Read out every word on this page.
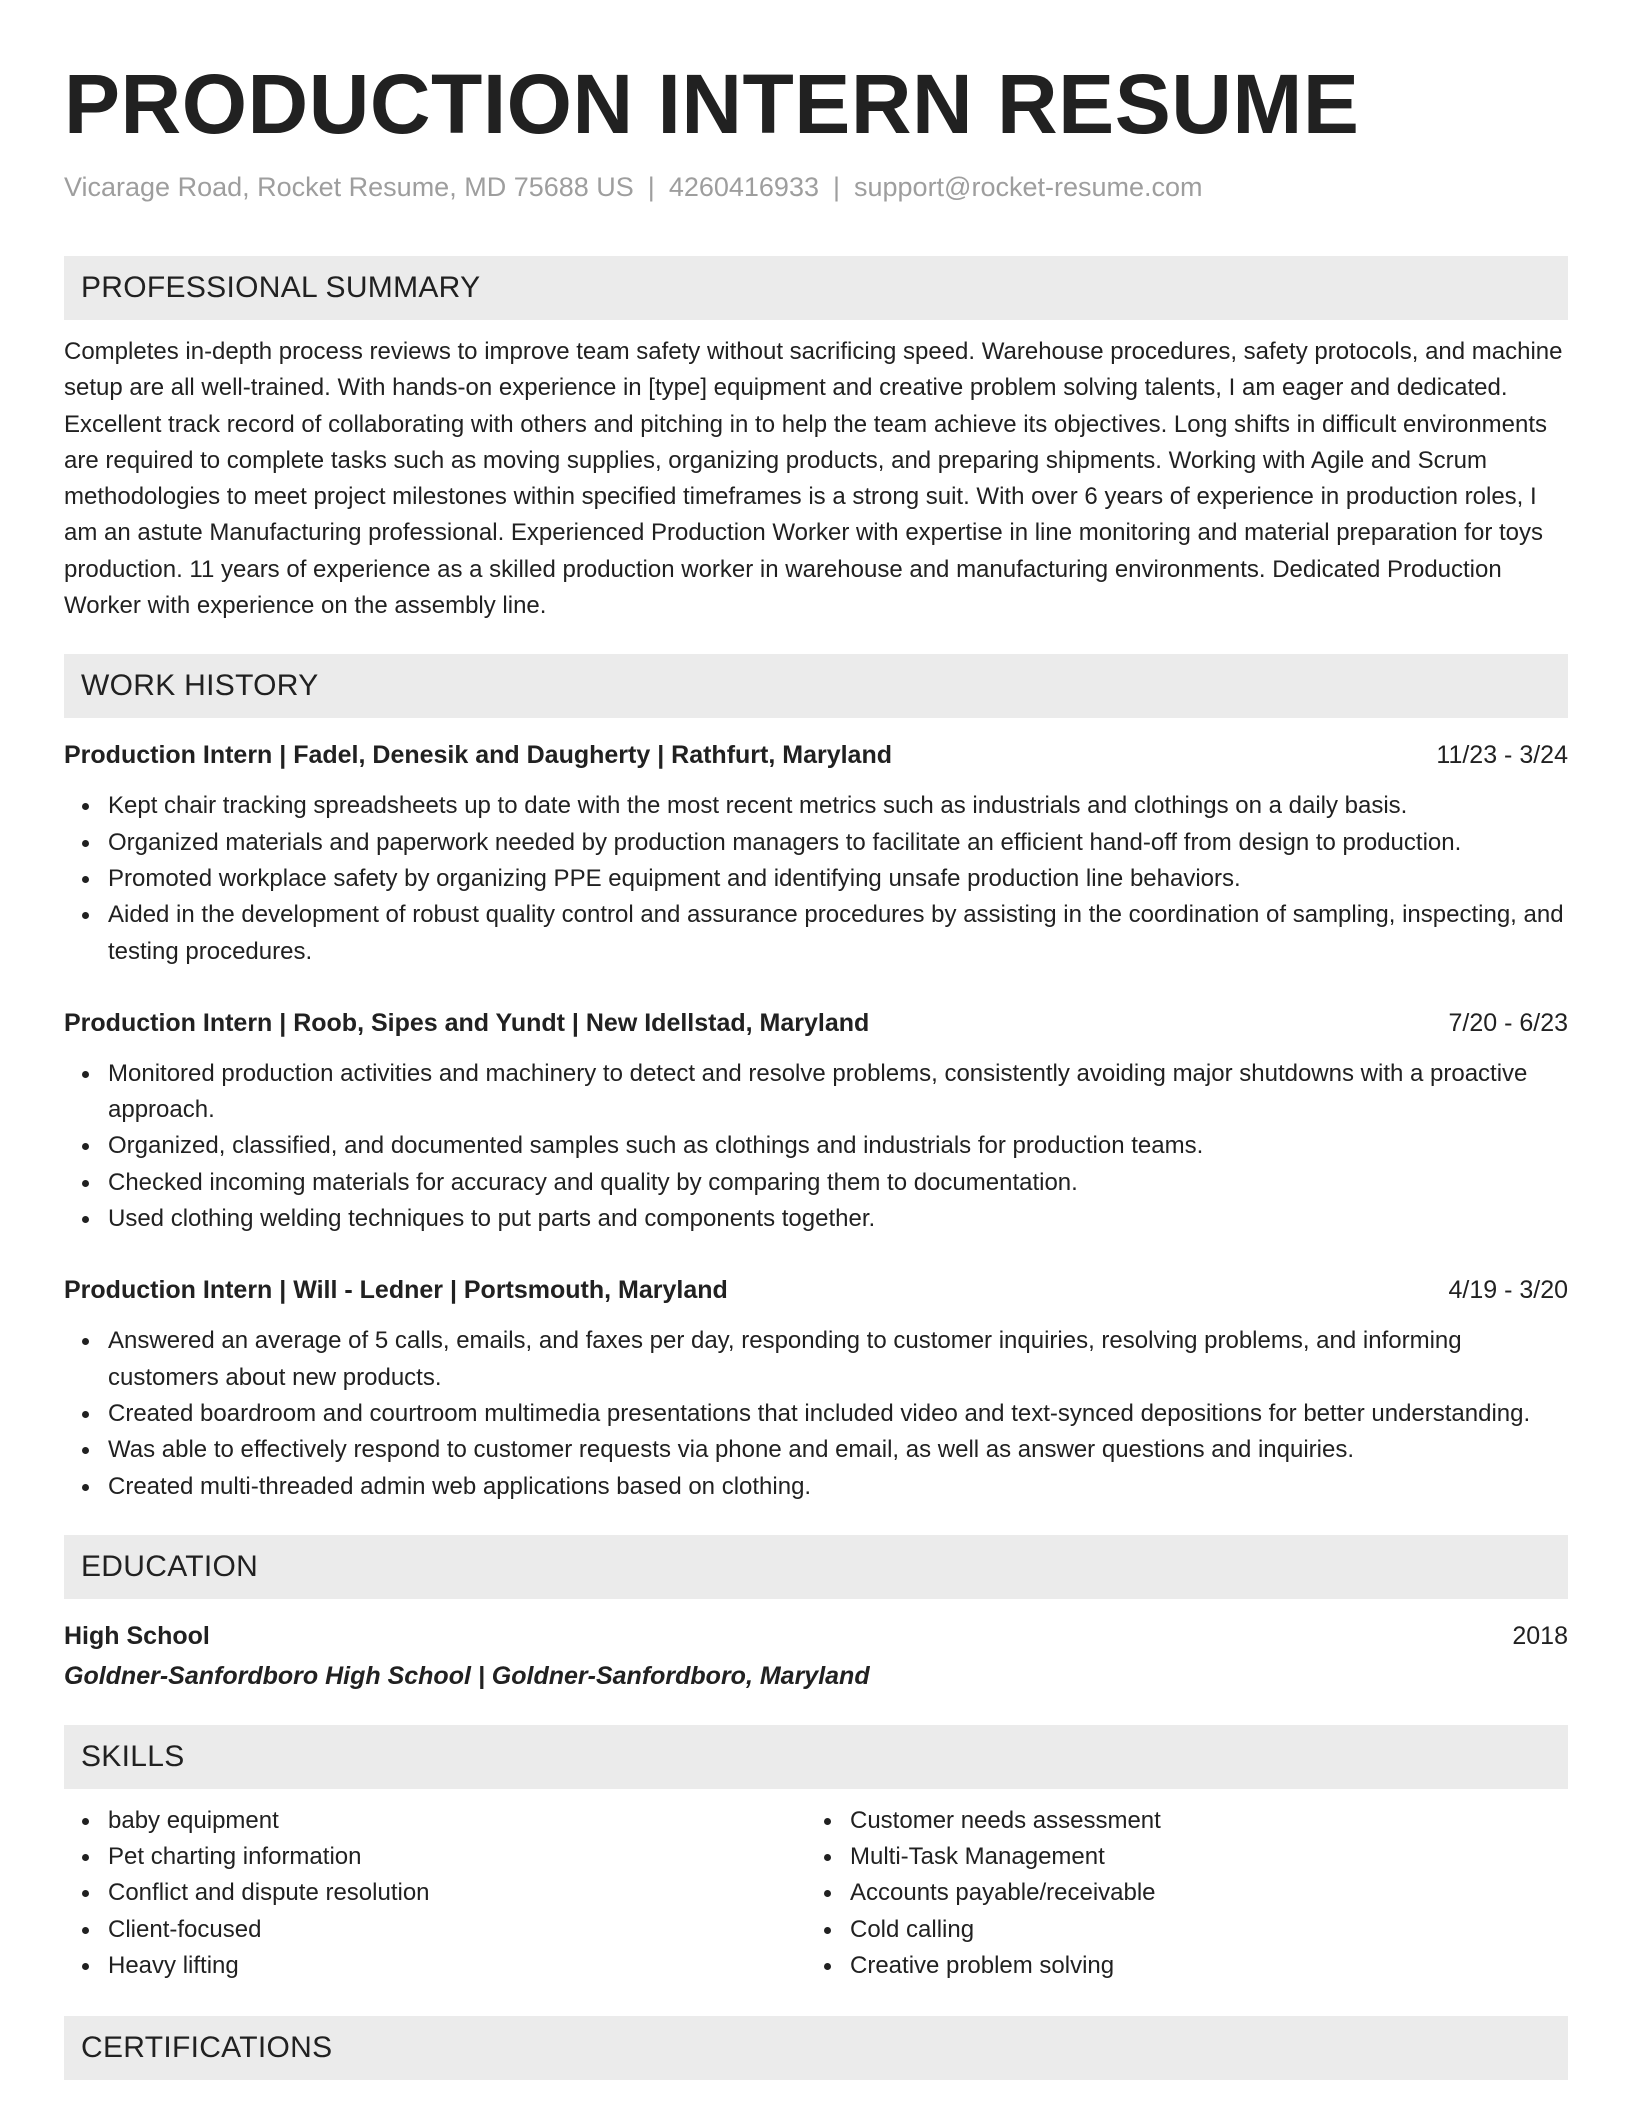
PRODUCTION INTERN RESUME
Vicarage Road, Rocket Resume, MD 75688 US | 4260416933 | support@rocket-resume.com
PROFESSIONAL SUMMARY
Completes in-depth process reviews to improve team safety without sacrificing speed. Warehouse procedures, safety protocols, and machine setup are all well-trained. With hands-on experience in [type] equipment and creative problem solving talents, I am eager and dedicated. Excellent track record of collaborating with others and pitching in to help the team achieve its objectives. Long shifts in difficult environments are required to complete tasks such as moving supplies, organizing products, and preparing shipments. Working with Agile and Scrum methodologies to meet project milestones within specified timeframes is a strong suit. With over 6 years of experience in production roles, I am an astute Manufacturing professional. Experienced Production Worker with expertise in line monitoring and material preparation for toys production. 11 years of experience as a skilled production worker in warehouse and manufacturing environments. Dedicated Production Worker with experience on the assembly line.
WORK HISTORY
Production Intern | Fadel, Denesik and Daugherty | Rathfurt, Maryland	11/23 - 3/24
Kept chair tracking spreadsheets up to date with the most recent metrics such as industrials and clothings on a daily basis.
Organized materials and paperwork needed by production managers to facilitate an efficient hand-off from design to production.
Promoted workplace safety by organizing PPE equipment and identifying unsafe production line behaviors.
Aided in the development of robust quality control and assurance procedures by assisting in the coordination of sampling, inspecting, and testing procedures.
Production Intern | Roob, Sipes and Yundt | New Idellstad, Maryland	7/20 - 6/23
Monitored production activities and machinery to detect and resolve problems, consistently avoiding major shutdowns with a proactive approach.
Organized, classified, and documented samples such as clothings and industrials for production teams.
Checked incoming materials for accuracy and quality by comparing them to documentation.
Used clothing welding techniques to put parts and components together.
Production Intern | Will - Ledner | Portsmouth, Maryland	4/19 - 3/20
Answered an average of 5 calls, emails, and faxes per day, responding to customer inquiries, resolving problems, and informing customers about new products.
Created boardroom and courtroom multimedia presentations that included video and text-synced depositions for better understanding.
Was able to effectively respond to customer requests via phone and email, as well as answer questions and inquiries.
Created multi-threaded admin web applications based on clothing.
EDUCATION
High School	2018
Goldner-Sanfordboro High School | Goldner-Sanfordboro, Maryland
SKILLS
baby equipment
Pet charting information
Conflict and dispute resolution
Client-focused
Heavy lifting
Customer needs assessment
Multi-Task Management
Accounts payable/receivable
Cold calling
Creative problem solving
CERTIFICATIONS
